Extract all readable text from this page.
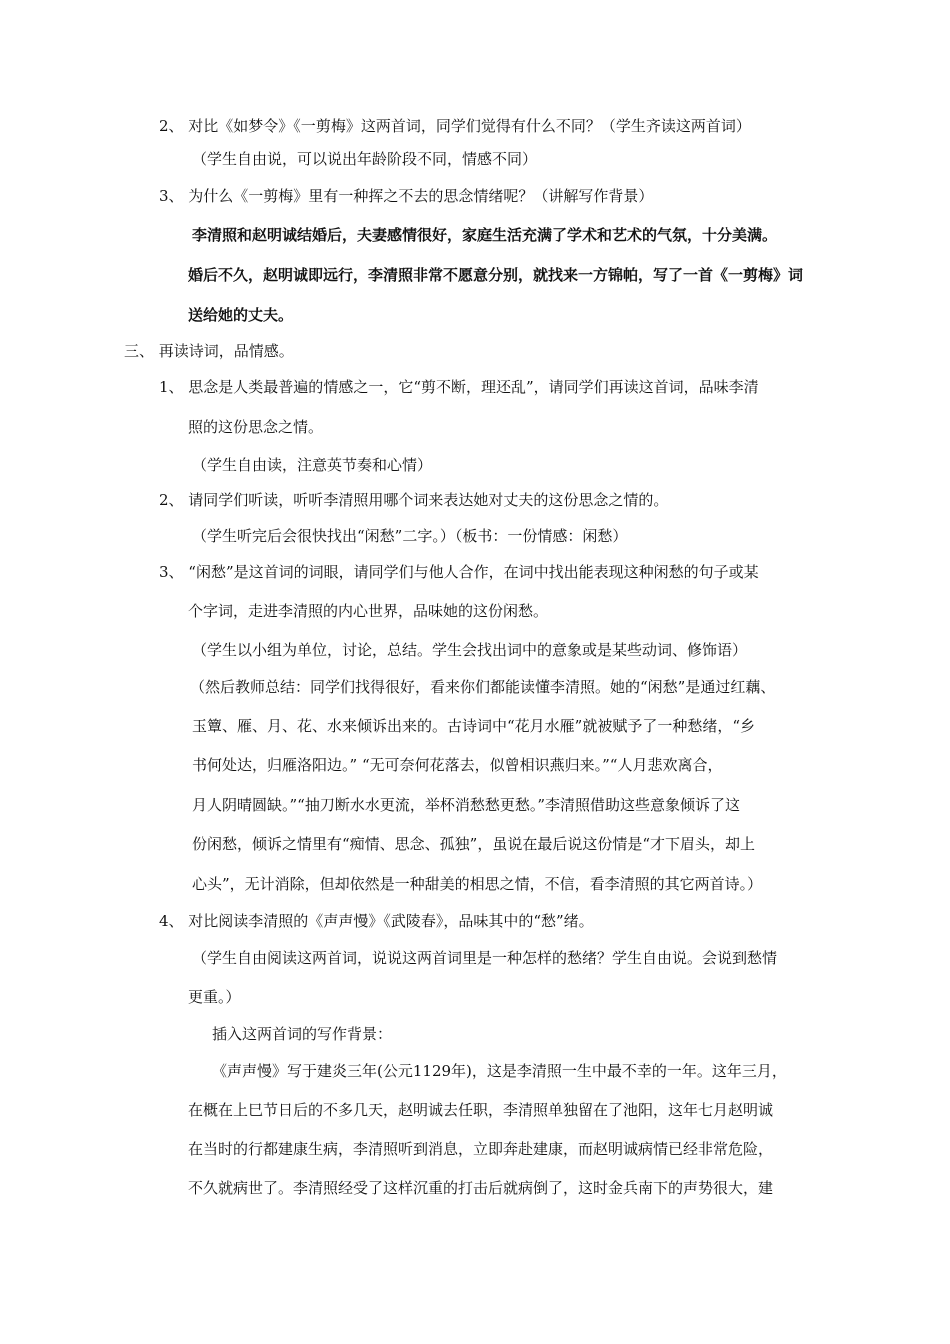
2、 对比《如梦令》《一剪梅》这两首词，同学们觉得有什么不同？（学生齐读这两首词）
（学生自由说，可以说出年龄阶段不同，情感不同）
3、 为什么《一剪梅》里有一种挥之不去的思念情绪呢？（讲解写作背景）
李清照和赵明诚结婚后，夫妻感情很好，家庭生活充满了学术和艺术的气氛，十分美满。
婚后不久，赵明诚即远行，李清照非常不愿意分别，就找来一方锦帕，写了一首《一剪梅》词
送给她的丈夫。
三、 再读诗词，品情感。
1、 思念是人类最普遍的情感之一，它“剪不断，理还乱”，请同学们再读这首词，品味李清
照的这份思念之情。
（学生自由读，注意英节奏和心情）
2、 请同学们听读，听听李清照用哪个词来表达她对丈夫的这份思念之情的。
（学生听完后会很快找出“闲愁”二字。）（板书：一份情感：闲愁）
3、 “闲愁”是这首词的词眼，请同学们与他人合作，在词中找出能表现这种闲愁的句子或某
个字词，走进李清照的内心世界，品味她的这份闲愁。
（学生以小组为单位，讨论，总结。学生会找出词中的意象或是某些动词、修饰语）
（然后教师总结：同学们找得很好，看来你们都能读懂李清照。她的“闲愁”是通过红藕、
玉簟、雁、月、花、水来倾诉出来的。古诗词中“花月水雁”就被赋予了一种愁绪，“乡
书何处达，归雁洛阳边。” “无可奈何花落去，似曾相识燕归来。”“人月悲欢离合，
月人阴晴圆缺。”“抽刀断水水更流，举杯消愁愁更愁。”李清照借助这些意象倾诉了这
份闲愁，倾诉之情里有“痴情、思念、孤独”，虽说在最后说这份情是“才下眉头，却上
心头”，无计消除，但却依然是一种甜美的相思之情，不信，看李清照的其它两首诗。）
4、 对比阅读李清照的《声声慢》《武陵春》，品味其中的“愁”绪。
（学生自由阅读这两首词，说说这两首词里是一种怎样的愁绪？学生自由说。会说到愁情
更重。）
插入这两首词的写作背景：
《声声慢》写于建炎三年(公元1129年)，这是李清照一生中最不幸的一年。这年三月，
在概在上巳节日后的不多几天，赵明诚去任职，李清照单独留在了池阳，这年七月赵明诚
在当时的行都建康生病，李清照听到消息，立即奔赴建康，而赵明诚病情已经非常危险，
不久就病世了。李清照经受了这样沉重的打击后就病倒了，这时金兵南下的声势很大，建
